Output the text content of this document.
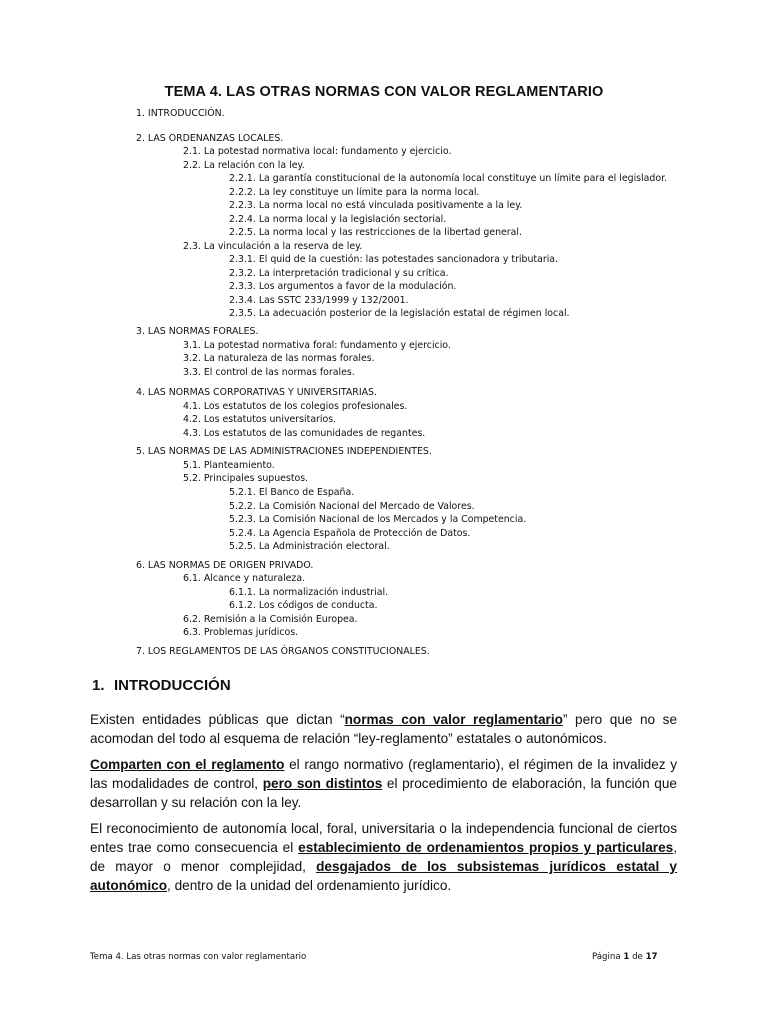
TEMA 4. LAS OTRAS NORMAS CON VALOR REGLAMENTARIO
1. INTRODUCCIÓN.
2. LAS ORDENANZAS LOCALES.
2.1. La potestad normativa local: fundamento y ejercicio.
2.2. La relación con la ley.
2.2.1. La garantía constitucional de la autonomía local constituye un límite para el legislador.
2.2.2. La ley constituye un límite para la norma local.
2.2.3. La norma local no está vinculada positivamente a la ley.
2.2.4. La norma local y la legislación sectorial.
2.2.5. La norma local y las restricciones de la libertad general.
2.3. La vinculación a la reserva de ley.
2.3.1. El quid de la cuestión: las potestades sancionadora y tributaria.
2.3.2. La interpretación tradicional y su crítica.
2.3.3. Los argumentos a favor de la modulación.
2.3.4. Las SSTC 233/1999 y 132/2001.
2.3.5. La adecuación posterior de la legislación estatal de régimen local.
3. LAS NORMAS FORALES.
3.1. La potestad normativa foral: fundamento y ejercicio.
3.2. La naturaleza de las normas forales.
3.3. El control de las normas forales.
4. LAS NORMAS CORPORATIVAS Y UNIVERSITARIAS.
4.1. Los estatutos de los colegios profesionales.
4.2. Los estatutos universitarios.
4.3. Los estatutos de las comunidades de regantes.
5. LAS NORMAS DE LAS ADMINISTRACIONES INDEPENDIENTES.
5.1. Planteamiento.
5.2. Principales supuestos.
5.2.1. El Banco de España.
5.2.2. La Comisión Nacional del Mercado de Valores.
5.2.3. La Comisión Nacional de los Mercados y la Competencia.
5.2.4. La Agencia Española de Protección de Datos.
5.2.5. La Administración electoral.
6. LAS NORMAS DE ORIGEN PRIVADO.
6.1. Alcance y naturaleza.
6.1.1. La normalización industrial.
6.1.2. Los códigos de conducta.
6.2. Remisión a la Comisión Europea.
6.3. Problemas jurídicos.
7. LOS REGLAMENTOS DE LAS ÓRGANOS CONSTITUCIONALES.
1. INTRODUCCIÓN
Existen entidades públicas que dictan “normas con valor reglamentario” pero que no se acomodan del todo al esquema de relación “ley-reglamento” estatales o autonómicos.
Comparten con el reglamento el rango normativo (reglamentario), el régimen de la invalidez y las modalidades de control, pero son distintos el procedimiento de elaboración, la función que desarrollan y su relación con la ley.
El reconocimiento de autonomía local, foral, universitaria o la independencia funcional de ciertos entes trae como consecuencia el establecimiento de ordenamientos propios y particulares, de mayor o menor complejidad, desgajados de los subsistemas jurídicos estatal y autonómico, dentro de la unidad del ordenamiento jurídico.
Tema 4. Las otras normas con valor reglamentario	Página 1 de 17
